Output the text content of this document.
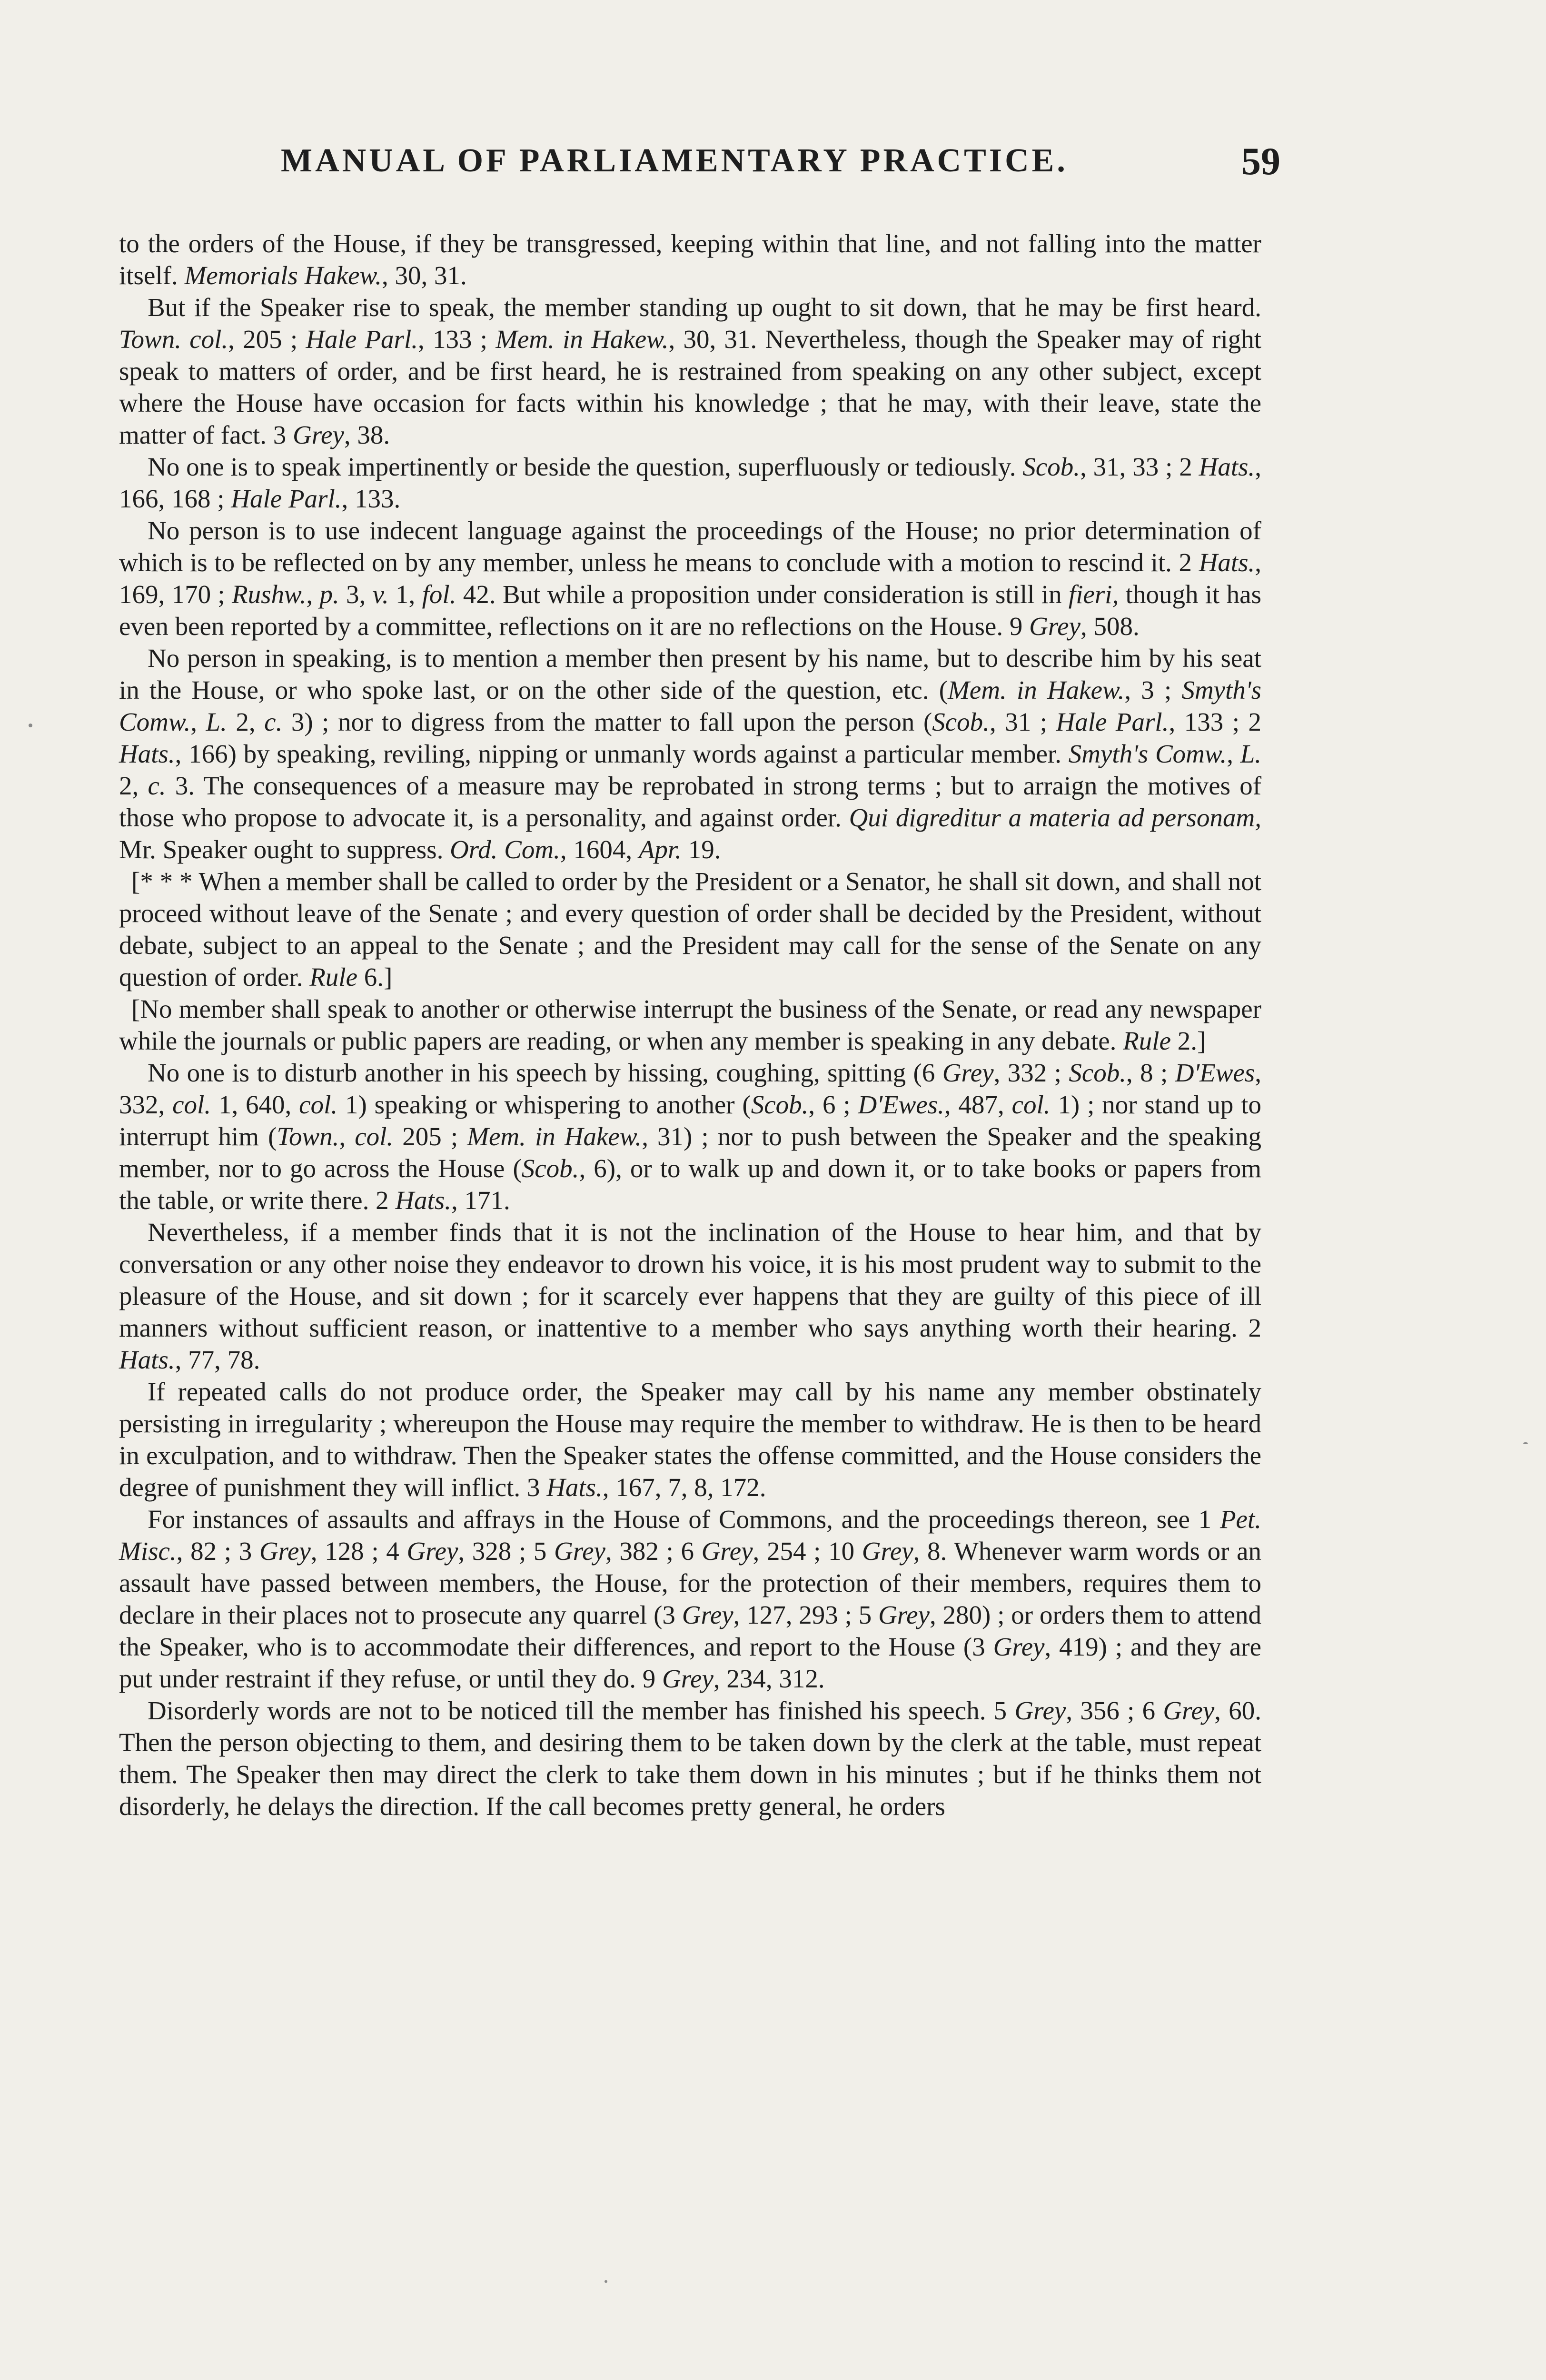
MANUAL OF PARLIAMENTARY PRACTICE.	59

to the orders of the House, if they be transgressed, keeping within that line, and not falling into the matter itself. Memorials Hakew., 30, 31.

But if the Speaker rise to speak, the member standing up ought to sit down, that he may be first heard. Town. col., 205 ; Hale Parl., 133 ; Mem. in Hakew., 30, 31. Nevertheless, though the Speaker may of right speak to matters of order, and be first heard, he is restrained from speaking on any other subject, except where the House have occasion for facts within his knowledge ; that he may, with their leave, state the matter of fact. 3 Grey, 38.

No one is to speak impertinently or beside the question, superfluously or tediously. Scob., 31, 33 ; 2 Hats., 166, 168 ; Hale Parl., 133.

No person is to use indecent language against the proceedings of the House; no prior determination of which is to be reflected on by any member, unless he means to conclude with a motion to rescind it. 2 Hats., 169, 170 ; Rushw., p. 3, v. 1, fol. 42. But while a proposition under consideration is still in fieri, though it has even been reported by a committee, reflections on it are no reflections on the House. 9 Grey, 508.

No person in speaking, is to mention a member then present by his name, but to describe him by his seat in the House, or who spoke last, or on the other side of the question, etc. (Mem. in Hakew., 3 ; Smyth's Comw., L. 2, c. 3) ; nor to digress from the matter to fall upon the person (Scob., 31 ; Hale Parl., 133 ; 2 Hats., 166) by speaking, reviling, nipping or unmanly words against a particular member. Smyth's Comw., L. 2, c. 3. The consequences of a measure may be reprobated in strong terms ; but to arraign the motives of those who propose to advocate it, is a personality, and against order. Qui digreditur a materia ad personam, Mr. Speaker ought to suppress. Ord. Com., 1604, Apr. 19.

[* * * When a member shall be called to order by the President or a Senator, he shall sit down, and shall not proceed without leave of the Senate ; and every question of order shall be decided by the President, without debate, subject to an appeal to the Senate ; and the President may call for the sense of the Senate on any question of order. Rule 6.]

[No member shall speak to another or otherwise interrupt the business of the Senate, or read any newspaper while the journals or public papers are reading, or when any member is speaking in any debate. Rule 2.]

No one is to disturb another in his speech by hissing, coughing, spitting (6 Grey, 332 ; Scob., 8 ; D'Ewes, 332, col. 1, 640, col. 1) speaking or whispering to another (Scob., 6 ; D'Ewes., 487, col. 1) ; nor stand up to interrupt him (Town., col. 205 ; Mem. in Hakew., 31) ; nor to push between the Speaker and the speaking member, nor to go across the House (Scob., 6), or to walk up and down it, or to take books or papers from the table, or write there. 2 Hats., 171.

Nevertheless, if a member finds that it is not the inclination of the House to hear him, and that by conversation or any other noise they endeavor to drown his voice, it is his most prudent way to submit to the pleasure of the House, and sit down ; for it scarcely ever happens that they are guilty of this piece of ill manners without sufficient reason, or inattentive to a member who says anything worth their hearing. 2 Hats., 77, 78.

If repeated calls do not produce order, the Speaker may call by his name any member obstinately persisting in irregularity ; whereupon the House may require the member to withdraw. He is then to be heard in exculpation, and to withdraw. Then the Speaker states the offense committed, and the House considers the degree of punishment they will inflict. 3 Hats., 167, 7, 8, 172.

For instances of assaults and affrays in the House of Commons, and the proceedings thereon, see 1 Pet. Misc., 82 ; 3 Grey, 128 ; 4 Grey, 328 ; 5 Grey, 382 ; 6 Grey, 254 ; 10 Grey, 8. Whenever warm words or an assault have passed between members, the House, for the protection of their members, requires them to declare in their places not to prosecute any quarrel (3 Grey, 127, 293 ; 5 Grey, 280) ; or orders them to attend the Speaker, who is to accommodate their differences, and report to the House (3 Grey, 419) ; and they are put under restraint if they refuse, or until they do. 9 Grey, 234, 312.

Disorderly words are not to be noticed till the member has finished his speech. 5 Grey, 356 ; 6 Grey, 60. Then the person objecting to them, and desiring them to be taken down by the clerk at the table, must repeat them. The Speaker then may direct the clerk to take them down in his minutes ; but if he thinks them not disorderly, he delays the direction. If the call becomes pretty general, he orders
